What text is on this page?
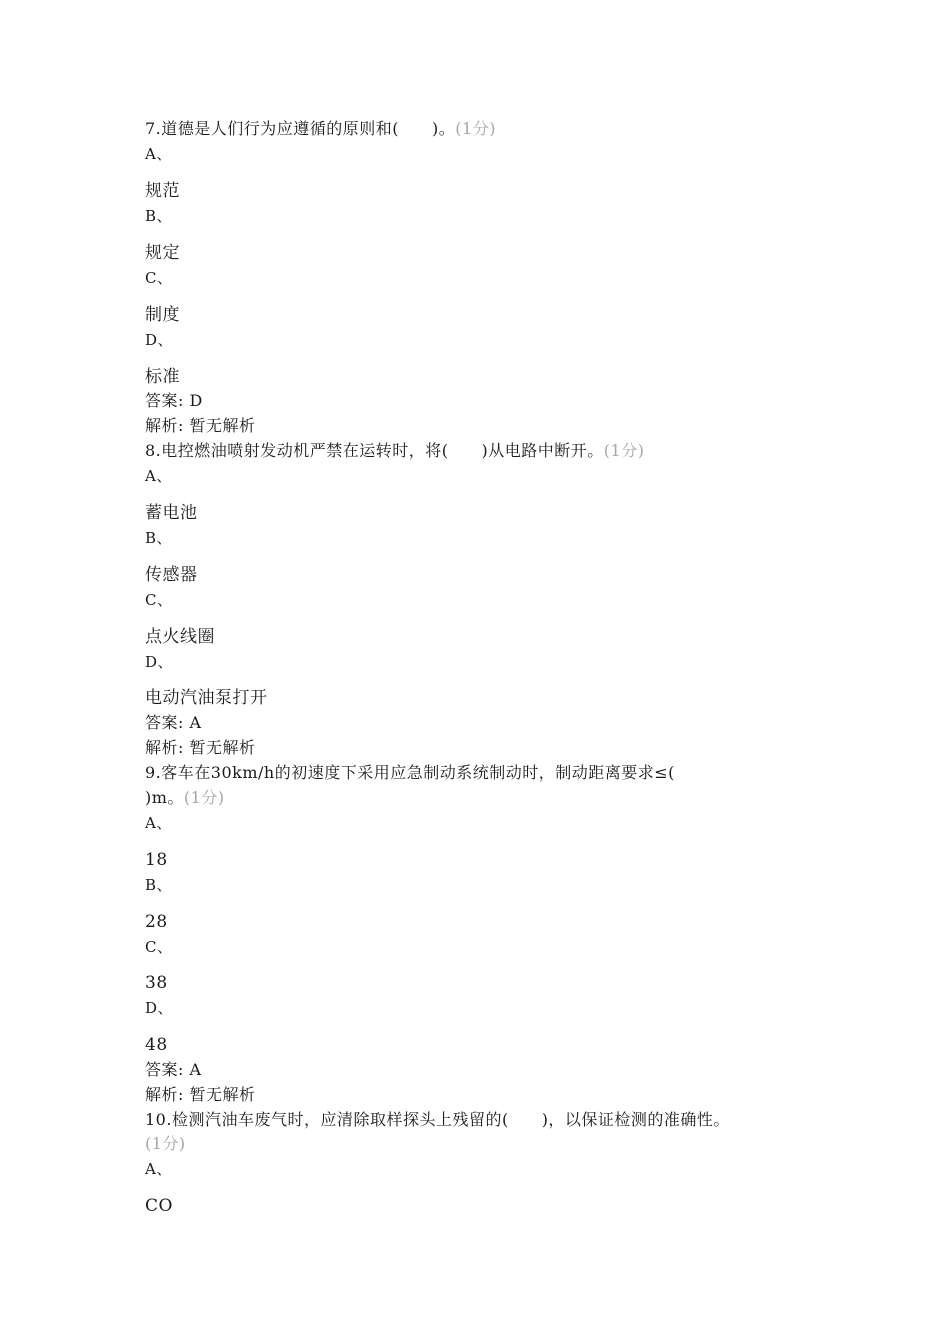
7.道德是人们行为应遵循的原则和(　　)。(1分)
A、
规范
B、
规定
C、
制度
D、
标准
答案: D
解析: 暂无解析
8.电控燃油喷射发动机严禁在运转时，将(　　)从电路中断开。(1分)
A、
蓄电池
B、
传感器
C、
点火线圈
D、
电动汽油泵打开
答案: A
解析: 暂无解析
9.客车在30km/h的初速度下采用应急制动系统制动时，制动距离要求≤(
)m。(1分)
A、
18
B、
28
C、
38
D、
48
答案: A
解析: 暂无解析
10.检测汽油车废气时，应清除取样探头上残留的(　　)，以保证检测的准确性。
(1分)
A、
CO
